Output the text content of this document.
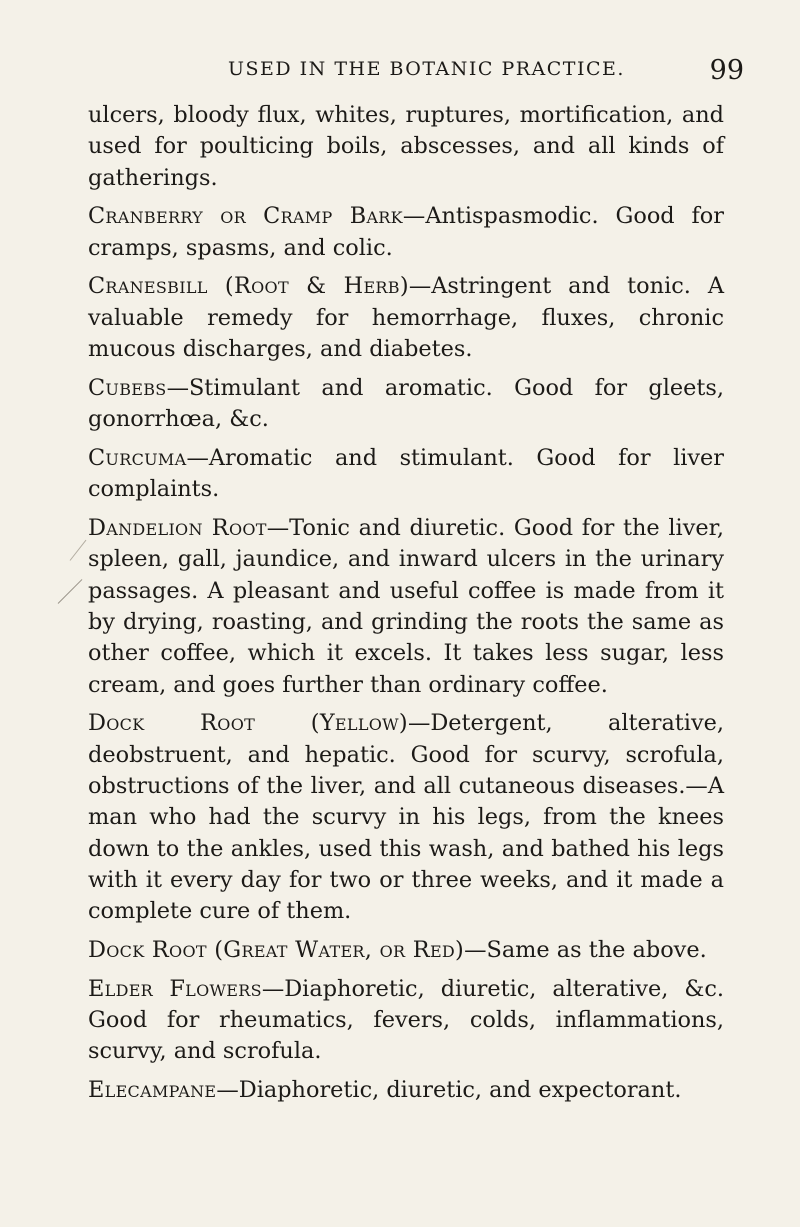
USED IN THE BOTANIC PRACTICE.	99

ulcers, bloody flux, whites, ruptures, mortification, and used for poulticing boils, abscesses, and all kinds of gatherings.

Cranberry or Cramp Bark—Antispasmodic. Good for cramps, spasms, and colic.

Cranesbill (Root & Herb)—Astringent and tonic. A valuable remedy for hemorrhage, fluxes, chronic mucous discharges, and diabetes.

Cubebs—Stimulant and aromatic. Good for gleets, gonorrhœa, &c.

Curcuma—Aromatic and stimulant. Good for liver complaints.

Dandelion Root—Tonic and diuretic. Good for the liver, spleen, gall, jaundice, and inward ulcers in the urinary passages. A pleasant and useful coffee is made from it by drying, roasting, and grinding the roots the same as other coffee, which it excels. It takes less sugar, less cream, and goes further than ordinary coffee.

Dock Root (Yellow)—Detergent, alterative, deobstruent, and hepatic. Good for scurvy, scrofula, obstructions of the liver, and all cutaneous diseases.—A man who had the scurvy in his legs, from the knees down to the ankles, used this wash, and bathed his legs with it every day for two or three weeks, and it made a complete cure of them.

Dock Root (Great Water, or Red)—Same as the above.

Elder Flowers—Diaphoretic, diuretic, alterative, &c. Good for rheumatics, fevers, colds, inflammations, scurvy, and scrofula.

Elecampane—Diaphoretic, diuretic, and expectorant.
